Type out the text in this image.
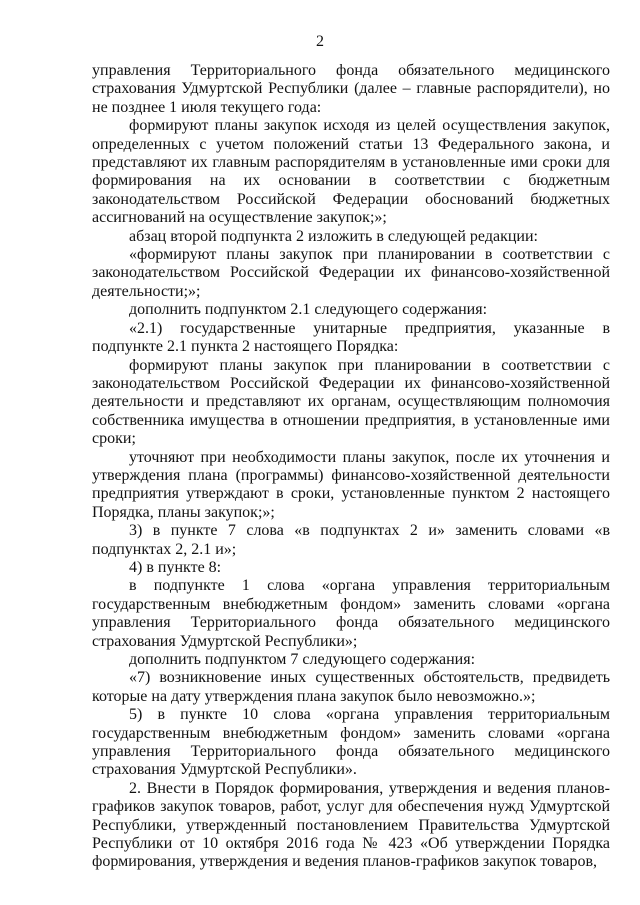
2

управления Территориального фонда обязательного медицинского страхования Удмуртской Республики (далее – главные распорядители), но не позднее 1 июля текущего года:

формируют планы закупок исходя из целей осуществления закупок, определенных с учетом положений статьи 13 Федерального закона, и представляют их главным распорядителям в установленные ими сроки для формирования на их основании в соответствии с бюджетным законодательством Российской Федерации обоснований бюджетных ассигнований на осуществление закупок;»;

абзац второй подпункта 2 изложить в следующей редакции:

«формируют планы закупок при планировании в соответствии с законодательством Российской Федерации их финансово-хозяйственной деятельности;»;

дополнить подпунктом 2.1 следующего содержания:

«2.1) государственные унитарные предприятия, указанные в подпункте 2.1 пункта 2 настоящего Порядка:

формируют планы закупок при планировании в соответствии с законодательством Российской Федерации их финансово-хозяйственной деятельности и представляют их органам, осуществляющим полномочия собственника имущества в отношении предприятия, в установленные ими сроки;

уточняют при необходимости планы закупок, после их уточнения и утверждения плана (программы) финансово-хозяйственной деятельности предприятия утверждают в сроки, установленные пунктом 2 настоящего Порядка, планы закупок;»;

3) в пункте 7 слова «в подпунктах 2 и» заменить словами «в подпунктах 2, 2.1 и»;

4) в пункте 8:

в подпункте 1 слова «органа управления территориальным государственным внебюджетным фондом» заменить словами «органа управления Территориального фонда обязательного медицинского страхования Удмуртской Республики»;

дополнить подпунктом 7 следующего содержания:

«7) возникновение иных существенных обстоятельств, предвидеть которые на дату утверждения плана закупок было невозможно.»;

5) в пункте 10 слова «органа управления территориальным государственным внебюджетным фондом» заменить словами «органа управления Территориального фонда обязательного медицинского страхования Удмуртской Республики».

2. Внести в Порядок формирования, утверждения и ведения планов-графиков закупок товаров, работ, услуг для обеспечения нужд Удмуртской Республики, утвержденный постановлением Правительства Удмуртской Республики от 10 октября 2016 года № 423 «Об утверждении Порядка формирования, утверждения и ведения планов-графиков закупок товаров,
